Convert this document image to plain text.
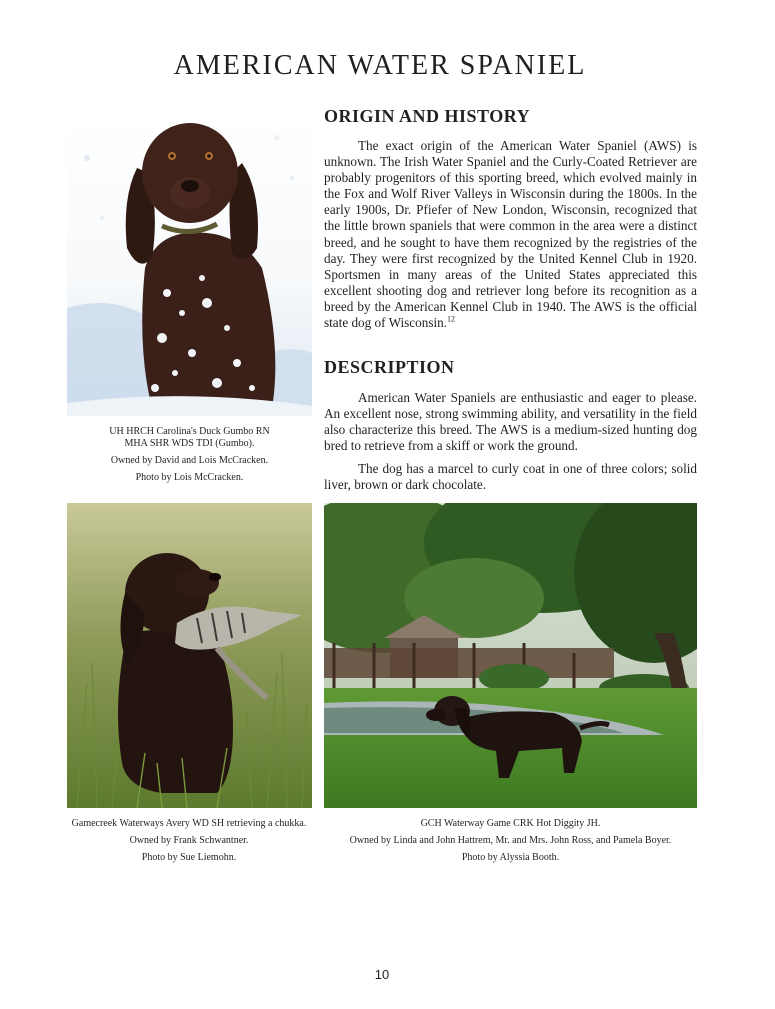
AMERICAN WATER SPANIEL

UH HRCH Carolina's Duck Gumbo RN MHA SHR WDS TDI (Gumbo).

Owned by David and Lois McCracken.

Photo by Lois McCracken.

ORIGIN AND HISTORY

The exact origin of the American Water Spaniel (AWS) is unknown. The Irish Water Spaniel and the Curly-Coated Retriever are probably progenitors of this sporting breed, which evolved mainly in the Fox and Wolf River Valleys in Wisconsin during the 1800s. In the early 1900s, Dr. Pfiefer of New London, Wisconsin, recognized that the little brown spaniels that were common in the area were a distinct breed, and he sought to have them recognized by the registries of the day. They were first recognized by the United Kennel Club in 1920. Sportsmen in many areas of the United States appreciated this excellent shooting dog and retriever long before its recognition as a breed by the American Kennel Club in 1940. The AWS is the official state dog of Wisconsin.$^{12}$

DESCRIPTION

American Water Spaniels are enthusiastic and eager to please. An excellent nose, strong swimming ability, and versatility in the field also characterize this breed. The AWS is a medium-sized hunting dog bred to retrieve from a skiff or work the ground.

The dog has a marcel to curly coat in one of three colors; solid liver, brown or dark chocolate.

Gamecreek Waterways Avery WD SH retrieving a chukka.

Owned by Frank Schwantner.

Photo by Sue Liemohn.

GCH Waterway Game CRK Hot Diggity JH.

Owned by Linda and John Hattrem, Mr. and Mrs. John Ross, and Pamela Boyer.

Photo by Alyssia Booth.

10
